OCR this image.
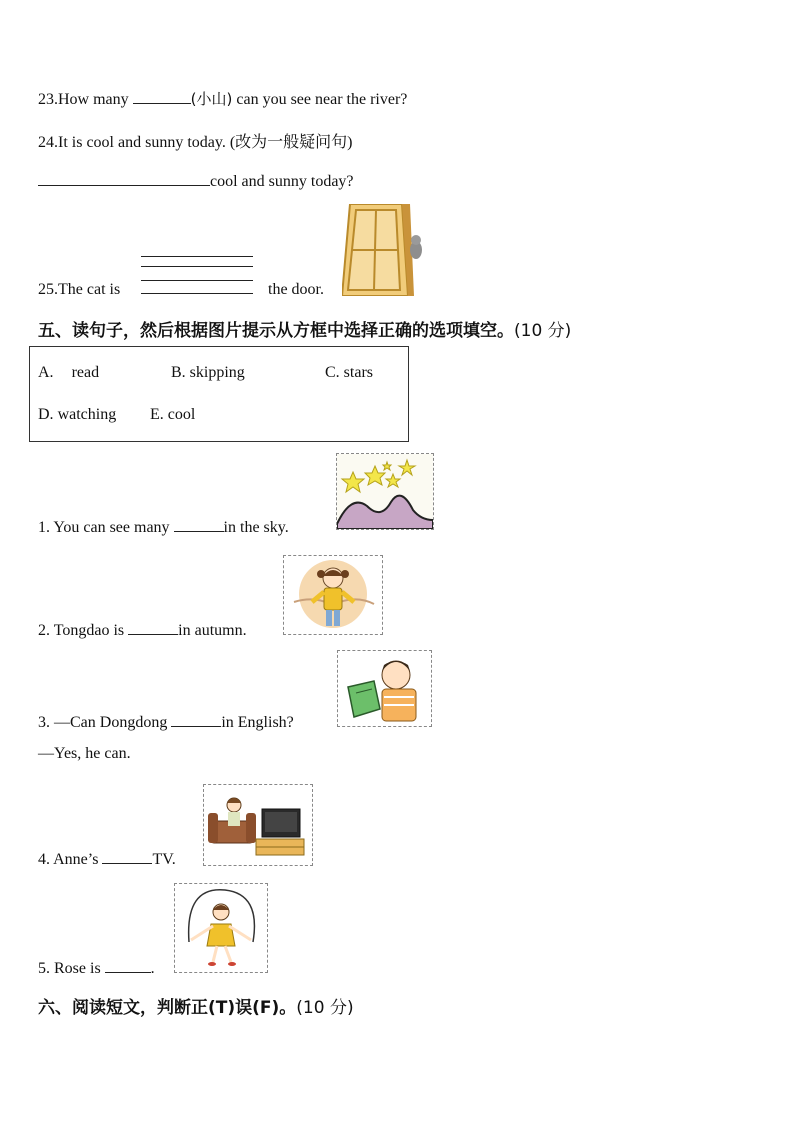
23.How many	(小山) can you see near the river?
24.It is cool and sunny today. (改为一般疑问句)
cool and sunny today?
25.The cat is	the door.
五、读句子，然后根据图片提示从方框中选择正确的选项填空。(10 分)
A. read	B. skipping	C. stars
D. watching E. cool
1. You can see many	in the sky.
2. Tongdao is	in autumn.
3. —Can Dongdong	in English?
—Yes, he can.
4. Anne’s	TV.
5. Rose is	.
六、阅读短文，判断正(T)误(F)。(10 分)
